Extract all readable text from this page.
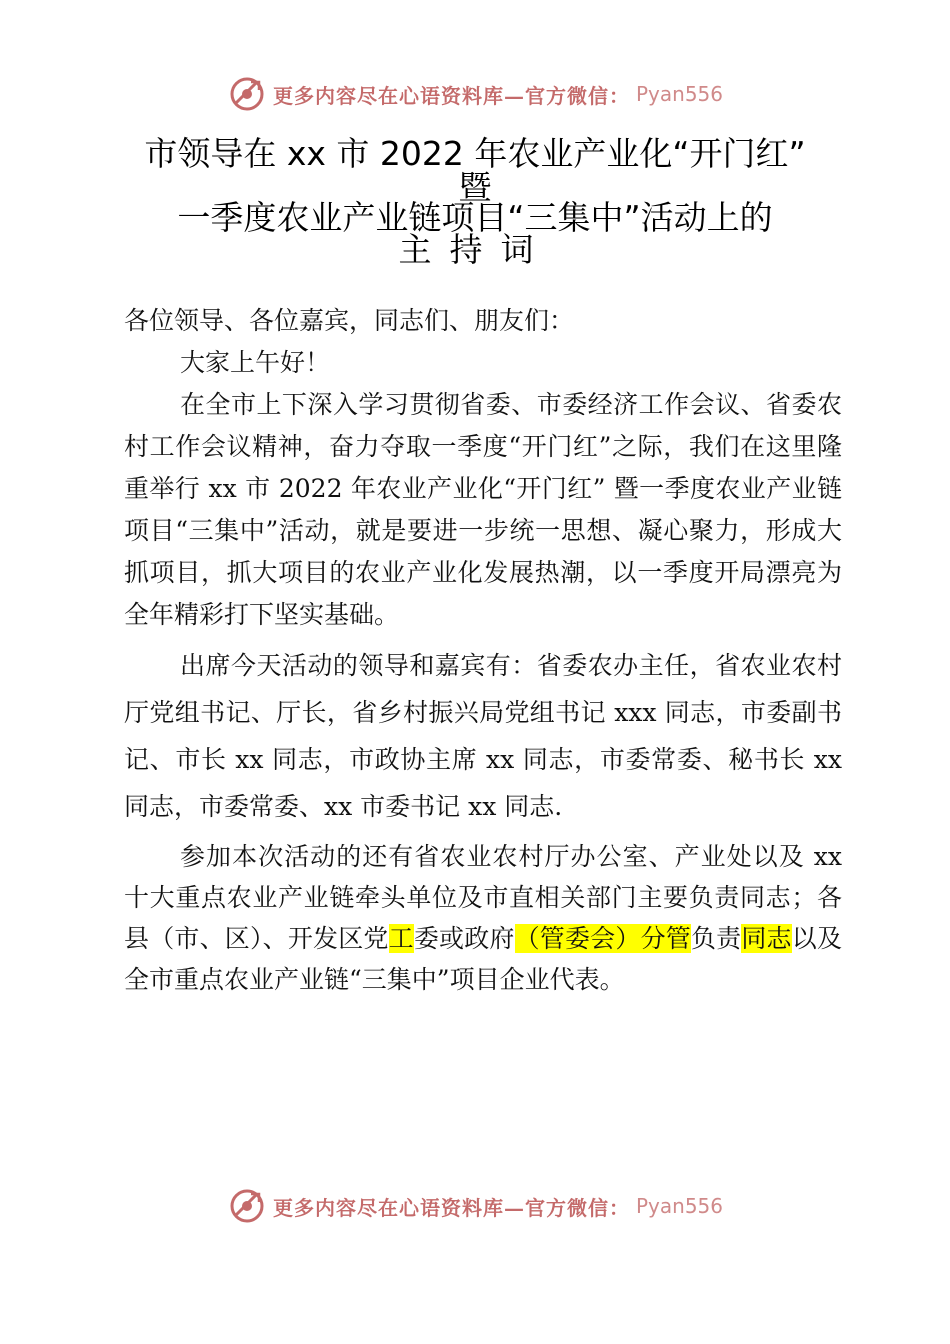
更多内容尽在心语资料库—官方微信： Pyan556
市领导在 xx 市 2022 年农业产业化“开门红”
暨
一季度农业产业链项目“三集中”活动上的
主持词

各位领导、各位嘉宾，同志们、朋友们：

大家上午好！

在全市上下深入学习贯彻省委、市委经济工作会议、省委农村工作会议精神，奋力夺取一季度“开门红”之际，我们在这里隆重举行 xx 市 2022 年农业产业化“开门红” 暨一季度农业产业链项目“三集中”活动，就是要进一步统一思想、凝心聚力，形成大抓项目，抓大项目的农业产业化发展热潮，以一季度开局漂亮为全年精彩打下坚实基础。

出席今天活动的领导和嘉宾有：省委农办主任，省农业农村厅党组书记、厅长，省乡村振兴局党组书记 xxx 同志，市委副书记、市长 xx 同志，市政协主席 xx 同志，市委常委、秘书长 xx 同志，市委常委、xx 市委书记 xx 同志.

参加本次活动的还有省农业农村厅办公室、产业处以及 xx 十大重点农业产业链牵头单位及市直相关部门主要负责同志；各县（市、区）、开发区党工委或政府（管委会）分管负责同志以及全市重点农业产业链“三集中”项目企业代表。

更多内容尽在心语资料库—官方微信： Pyan556
